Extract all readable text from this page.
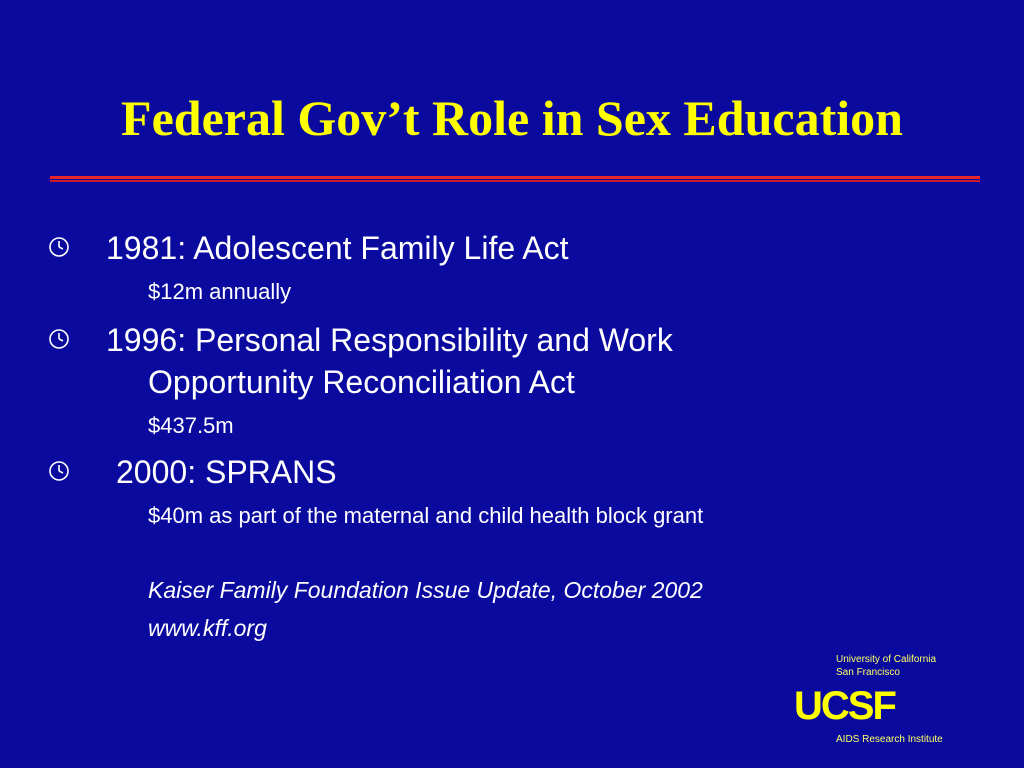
Federal Gov’t Role in Sex Education
1981: Adolescent Family Life Act
$12m annually
1996: Personal Responsibility and Work
Opportunity Reconciliation Act
$437.5m
2000: SPRANS
$40m as part of the maternal and child health block grant
Kaiser Family Foundation Issue Update, October 2002
www.kff.org
University of California
San Francisco
UCSF
AIDS Research Institute
